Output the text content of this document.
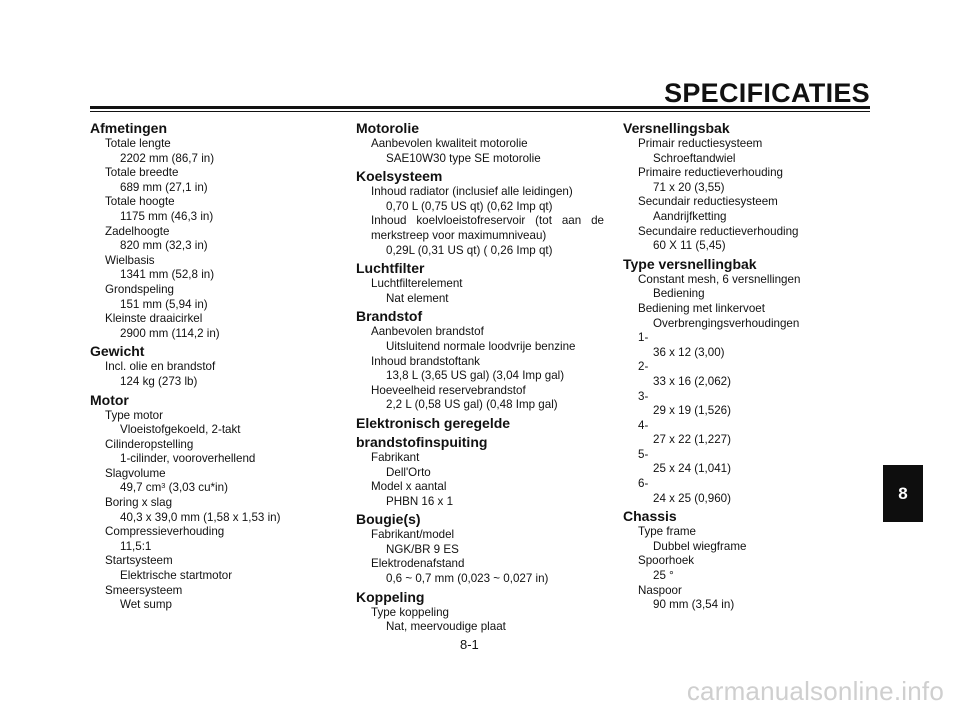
SPECIFICATIES
Afmetingen
Totale lengte
2202 mm (86,7 in)
Totale breedte
689 mm (27,1 in)
Totale hoogte
1175 mm (46,3 in)
Zadelhoogte
820 mm (32,3 in)
Wielbasis
1341 mm (52,8 in)
Grondspeling
151 mm (5,94 in)
Kleinste draaicirkel
2900 mm (114,2 in)
Gewicht
Incl. olie en brandstof
124 kg (273 lb)
Motor
Type motor
Vloeistofgekoeld, 2-takt
Cilinderopstelling
1-cilinder, vooroverhellend
Slagvolume
49,7 $cm^3$ (3,03 cu*in)
Boring x slag
40,3 x 39,0 mm (1,58 x 1,53 in)
Compressieverhouding
11,5:1
Startsysteem
Elektrische startmotor
Smeersysteem
Wet sump
Motorolie
Aanbevolen kwaliteit motorolie
SAE10W30 type SE motorolie
Koelsysteem
Inhoud radiator (inclusief alle leidingen)
0,70 L (0,75 US qt) (0,62 Imp qt)
Inhoud koelvloeistofreservoir (tot aan de
merkstreep voor maximumniveau)
0,29L (0,31 US qt) ( 0,26 Imp qt)
Luchtfilter
Luchtfilterelement
Nat element
Brandstof
Aanbevolen brandstof
Uitsluitend normale loodvrije benzine
Inhoud brandstoftank
13,8 L (3,65 US gal) (3,04 Imp gal)
Hoeveelheid reservebrandstof
2,2 L (0,58 US gal) (0,48 Imp gal)
Elektronisch geregelde
brandstofinspuiting
Fabrikant
Dell'Orto
Model x aantal
PHBN 16 x 1
Bougie(s)
Fabrikant/model
NGK/BR 9 ES
Elektrodenafstand
0,6 ~ 0,7 mm (0,023 ~ 0,027 in)
Koppeling
Type koppeling
Nat, meervoudige plaat
Versnellingsbak
Primair reductiesysteem
Schroeftandwiel
Primaire reductieverhouding
71 x 20 (3,55)
Secundair reductiesysteem
Aandrijfketting
Secundaire reductieverhouding
60 X 11 (5,45)
Type versnellingbak
Constant mesh, 6 versnellingen
Bediening
Bediening met linkervoet
Overbrengingsverhoudingen
1-
36 x 12 (3,00)
2-
33 x 16 (2,062)
3-
29 x 19 (1,526)
4-
27 x 22 (1,227)
5-
25 x 24 (1,041)
6-
24 x 25 (0,960)
Chassis
Type frame
Dubbel wiegframe
Spoorhoek
25 °
Naspoor
90 mm (3,54 in)
8-1
8
carmanualsonline.info
